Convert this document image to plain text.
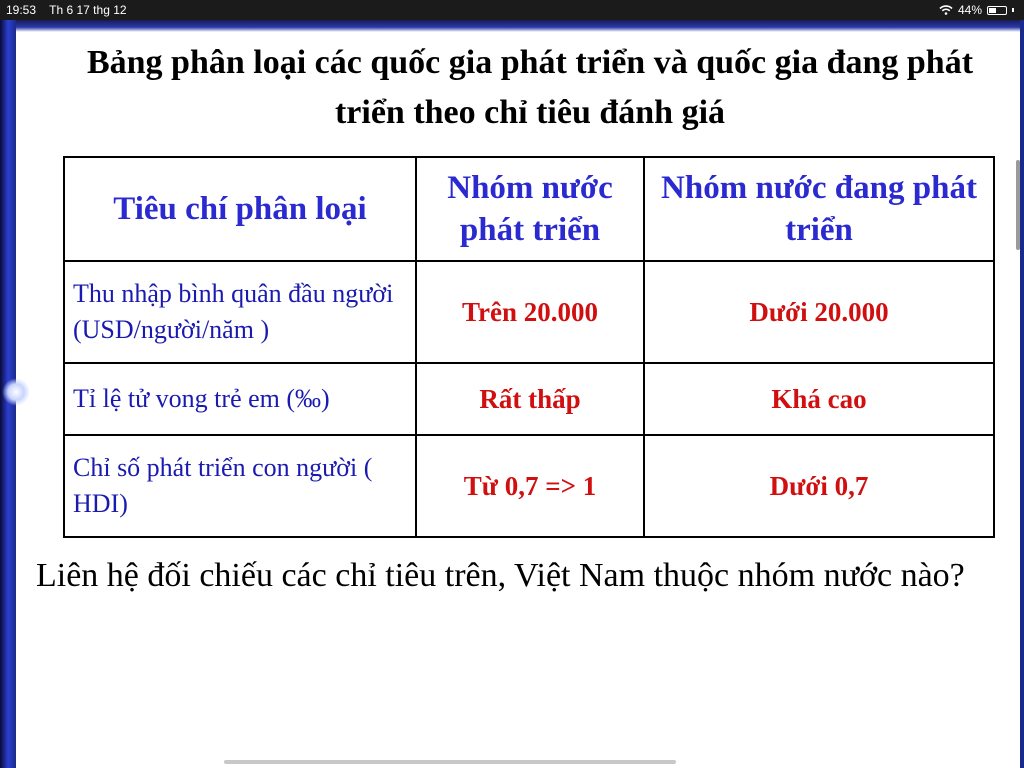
19:53 Th 6 17 thg 12	44%
Bảng phân loại các quốc gia phát triển và quốc gia đang phát triển theo chỉ tiêu đánh giá
Tiêu chí phân loại	Nhóm nước phát triển	Nhóm nước đang phát triển
Thu nhập bình quân đầu người (USD/người/năm )	Trên 20.000	Dưới 20.000
Tỉ lệ tử vong trẻ em (‰)	Rất thấp	Khá cao
Chỉ số phát triển con người ( HDI)	Từ 0,7 => 1	Dưới 0,7
Liên hệ đối chiếu các chỉ tiêu trên, Việt Nam thuộc nhóm nước nào?
